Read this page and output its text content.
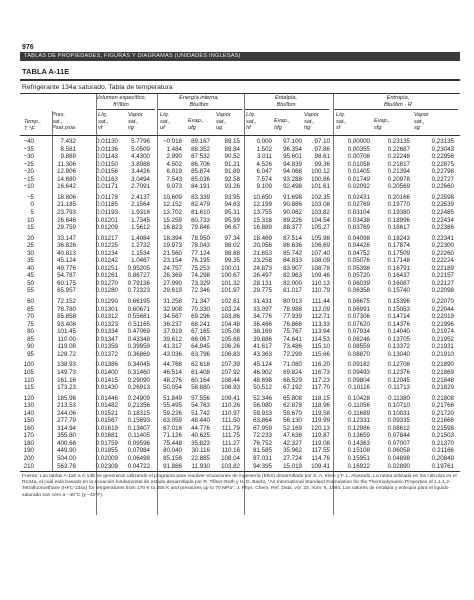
976
TABLAS DE PROPIEDADES, FIGURAS Y DIAGRAMAS (UNIDADES INGLESAS)
TABLA A-11E
Refrigerante 134a saturado. Tabla de temperatura
Volumen específico,
ft³/lbm
Energía interna,
Btu/lbm
Entalpía,
Btu/lbm
Entropía,
Btu/lbm · R
Temp.,
T °F
Pres.
sat.,
Psat psia
Líq.
sat.,
vf
Vapor
sat.,
vg
Líq.
sat.,
uf
Evap.,
ufg
Vapor
sat.,
ug
Líq.
sat.,
hf
Evap.,
hfg
Vapor
sat.,
hg
Líq.
sat.,
sf
Evap.,
sfg
Vapor
sat.,
sg
−40	7.432	0.01130 5.7796 −0.016 89.167 89.15	0.000 97.100 97.10	0.00000	0.23135	0.23135
−35	8.581	0.01136 5.0509	1.484 88.352 89.84	1.502 96.354 97.86	0.00355	0.22687	0.23043
−30	9.869	0.01143 4.4300	2.990 87.532 90.52	3.011 95.601 98.61	0.00708	0.22248	0.22956
−25	11.306	0.01150 3.8988	4.502 86.706 91.21	4.526 94.839 99.36	0.01058	0.21817	0.22875
−20	12.906	0.01156 3.4426	6.019 85.874 91.89	6.047 94.068 100.12	0.01405	0.21394	0.22798
−15	14.680	0.01163 3.0494	7.543 85.036 92.58	7.574 93.288 100.86	0.01749	0.20978	0.22727
−10	16.642	0.01171 2.7091	9.073 84.191 93.26	9.109 92.498 101.61	0.02092	0.20569	0.22660
−5	18.806	0.01178 2.4137 10.609 83.339 93.95 10.650 91.698 102.35	0.02431	0.20166	0.22598
0	21.185	0.01185 2.1564 12.152 82.479 94.63 12.199 90.886 103.08	0.02769	0.19770	0.22539
5	23.793	0.01193 1.9316 13.702 81.610 95.31 13.755 90.062 103.82	0.03104	0.19380	0.22485
10	26.646	0.01201 1.7345 15.259 80.733 95.99 15.318 89.226 104.54	0.03438	0.18996	0.22434
15	29.759	0.01209 1.5612 16.823 79.846 96.67 16.889 88.377 105.27	0.03769	0.18617	0.22386
20	33.147	0.01217 1.4084 18.394 78.950 97.34 18.469 87.514 105.98	0.04098	0.18243	0.22341
25	36.826	0.01225 1.2732 19.973 78.043 98.02 20.056 86.636 106.69	0.04426	0.17874	0.22300
30	40.813	0.01234 1.1534 21.560 77.124 98.68 21.653 85.742 107.40	0.04752	0.17509	0.22260
35	45.124	0.01242 1.0467 23.154 76.195 99.35 23.258 84.833 108.09	0.05076	0.17148	0.22224
40	49.776	0.01251 0.95205 24.757 75.253 100.01 24.873 83.907 108.78	0.05398	0.16791	0.22189
45	54.787	0.01261 0.86727 26.369 74.298 100.67 26.497 82.963 109.46	0.05720	0.16437	0.22157
50	60.175	0.01270 0.79136 27.990 73.329 101.32 28.131 82.000 110.13	0.06039	0.16087	0.22127
55	65.957	0.01280 0.72323 29.619 72.346 101.97 29.775 81.017 110.79	0.06358	0.15740	0.22098
60	72.152	0.01290 0.66195 31.258 71.347 102.61 31.431 80.013 111.44	0.06675	0.15396	0.22070
65	78.780	0.01301 0.60671 32.908 70.330 103.24 33.097 78.988 112.09	0.06991	0.15053	0.22044
70	85.858	0.01312 0.55681 34.567 69.296 103.86 34.776 77.939 112.71	0.07306	0.14714	0.22019
75	93.408	0.01323 0.51165 36.237 68.241 104.48 36.466 76.866 113.33	0.07620	0.14376	0.21996
80	101.45	0.01334 0.47069 37.919 67.165 105.08 38.169 75.767 113.94	0.07934	0.14040	0.21974
85	110.00	0.01347 0.43348 39.612 66.067 105.68 39.886 74.641 114.53	0.08246	0.13705	0.21952
90	119.08	0.01359 0.39959 41.317 64.945 106.26 41.617 73.486 115.10	0.08559	0.13372	0.21931
95	128.72	0.01372 0.36869 43.036 63.796 106.83 43.363 72.299 115.66	0.08870	0.13040	0.21910
100	138.93	0.01386 0.34045 44.768 62.618 107.39 45.124 71.080 116.20	0.09182	0.12708	0.21890
105	149.73	0.01400 0.31460 46.514 61.408 107.92 46.902 69.824 116.73	0.09493	0.12376	0.21869
110	161.16	0.01415 0.29090 48.276 60.164 108.44 48.698 68.529 117.23	0.09804	0.12045	0.21848
115	173.23	0.01430 0.26913 50.054 58.880 108.93 50.512 67.192 117.70	0.10116	0.11713	0.21829
120	185.96	0.01446 0.24909 51.849 57.556 109.41 52.346 65.808 118.15	0.10428	0.11380	0.21808
130	213.53	0.01482 0.21356 55.495 54.763 110.26 56.080 62.878 118.96	0.11056	0.10710	0.21766
140	244.06	0.01521 0.18315 59.226 51.742 110.97 59.913 59.670 119.58	0.11689	0.10031	0.21720
150	277.79	0.01567 0.15693 63.059 48.440 111.50 63.864 56.130 119.99	0.12331	0.09335	0.21666
160	314.94	0.01619 0.13407 67.016 44.776 111.79 67.959 52.169 120.13	0.12986	0.08612	0.21598
170	355.80	0.01681 0.11405 71.126 40.625 111.75 72.233 47.638 119.87	0.13659	0.07844	0.21503
180	400.66	0.01759 0.09596 75.448 35.823 111.27 76.752 42.327 119.08	0.14363	0.07007	0.21370
190	449.90	0.01855 0.07984 80.040 30.116 110.16 81.585 35.962 117.55	0.15108	0.06058	0.21166
200	504.00	0.02009 0.06498 85.158 22.885 108.04 87.031 27.724 114.76	0.15951	0.04898	0.20849
210	563.76	0.02309 0.04722 91.886 11.930 103.82 94.395 15.019 109.41	0.16922	0.02890	0.19761
Fuente: Las tablas A-11E a A-13E se generaron utilizando el programa para resolver ecuaciones de ingeniería (EES) desarrollado por S. A. Klein y F. L. Alvarado. La rutina utilizada en los cálculos es el R134a, el cual está basado en la ecuación fundamental de estado desarrollada por R. Tillner-Roth y H. D. Baehr, “An International Standard Formulation for the Thermodynamic Properties of 1,1,1,2-Tetrafluoroethane (HFC-134a) for temperatures from 170 K to 455 K and pressures up to 70 MPa”, J. Phys. Chem. Ref. Data, vol. 23, núm. 5, 1994. Los valores de entalpía y entropía para el líquido saturado son cero a −40°C (y −40°F).
